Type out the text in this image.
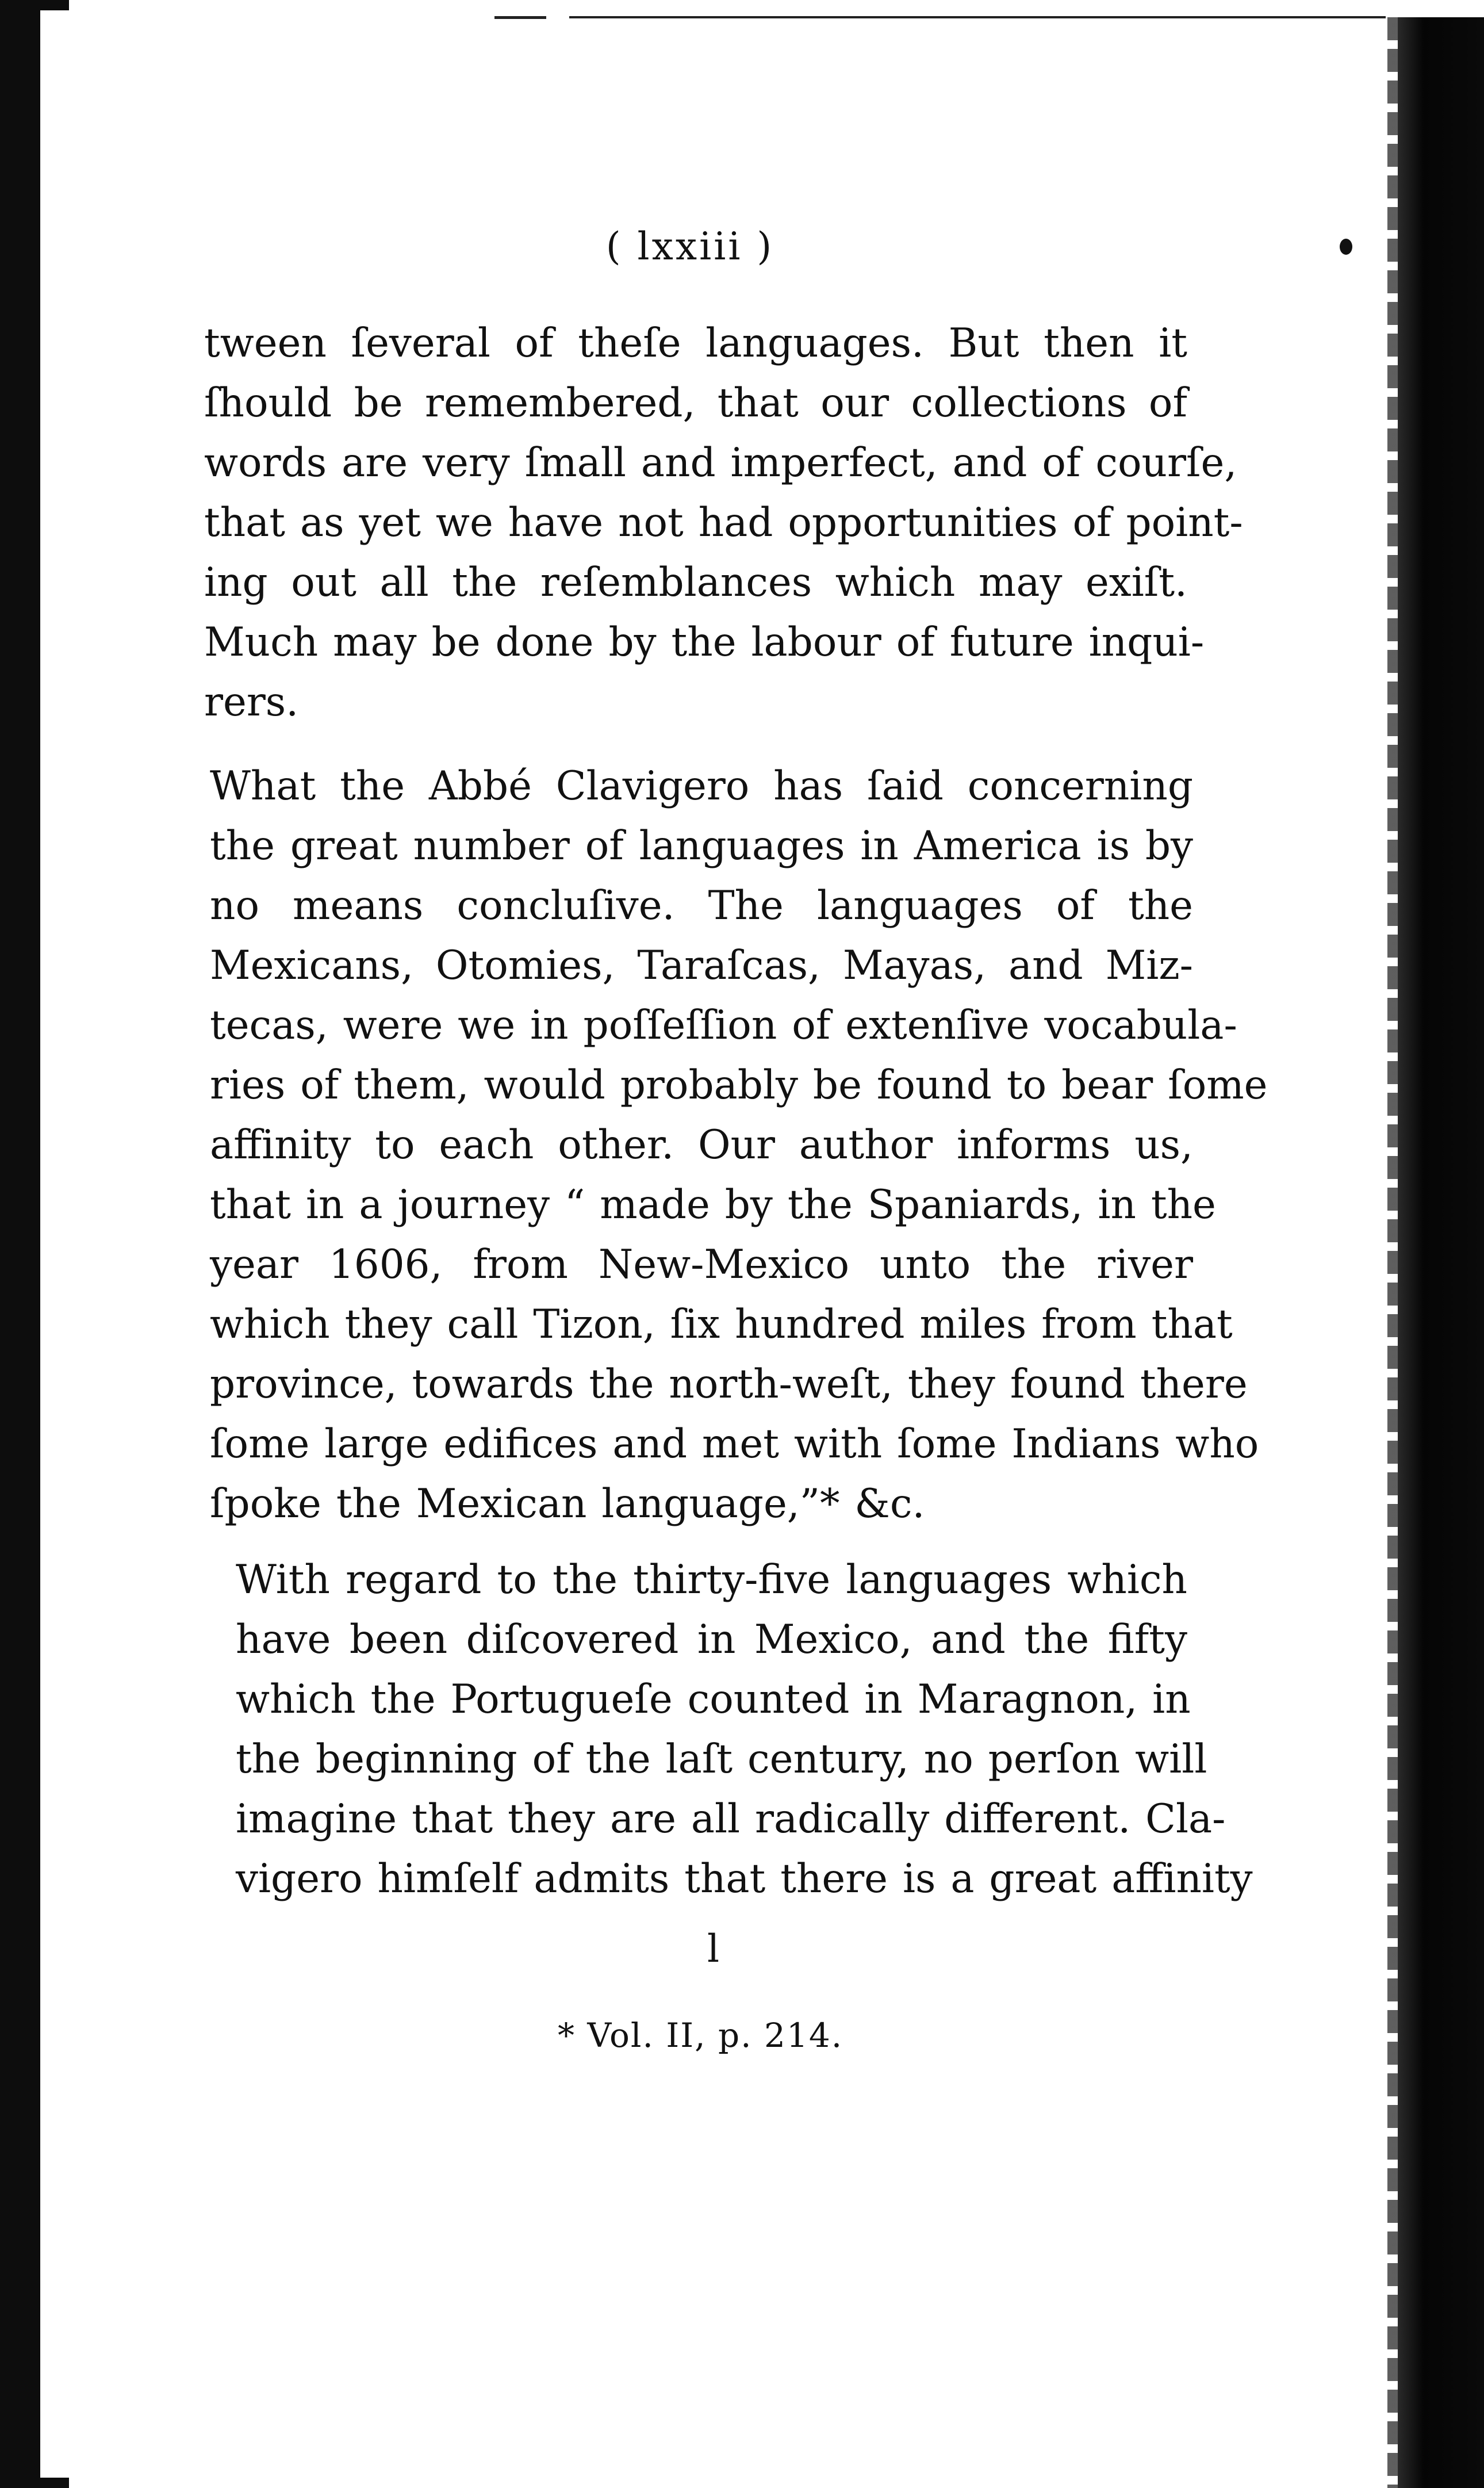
( lxxiii )
tween ſeveral of theſe languages. But then it
ſhould be remembered, that our collections of
words are very ſmall and imperfect, and of courſe,
that as yet we have not had opportunities of point-
ing out all the reſemblances which may exiſt.
Much may be done by the labour of future inqui-
rers.
What the Abbé Clavigero has ſaid concerning
the great number of languages in America is by
no means concluſive. The languages of the
Mexicans, Otomies, Taraſcas, Mayas, and Miz-
tecas, were we in poſſeſſion of extenſive vocabula-
ries of them, would probably be found to bear ſome
affinity to each other. Our author informs us,
that in a journey “ made by the Spaniards, in the
year 1606, from New-Mexico unto the river
which they call Tizon, ſix hundred miles from that
province, towards the north-weſt, they found there
ſome large edifices and met with ſome Indians who
ſpoke the Mexican language,”* &c.
With regard to the thirty-five languages which
have been diſcovered in Mexico, and the fifty
which the Portugueſe counted in Maragnon, in
the beginning of the laſt century, no perſon will
imagine that they are all radically different. Cla-
vigero himſelf admits that there is a great affinity
l
* Vol. II, p. 214.
